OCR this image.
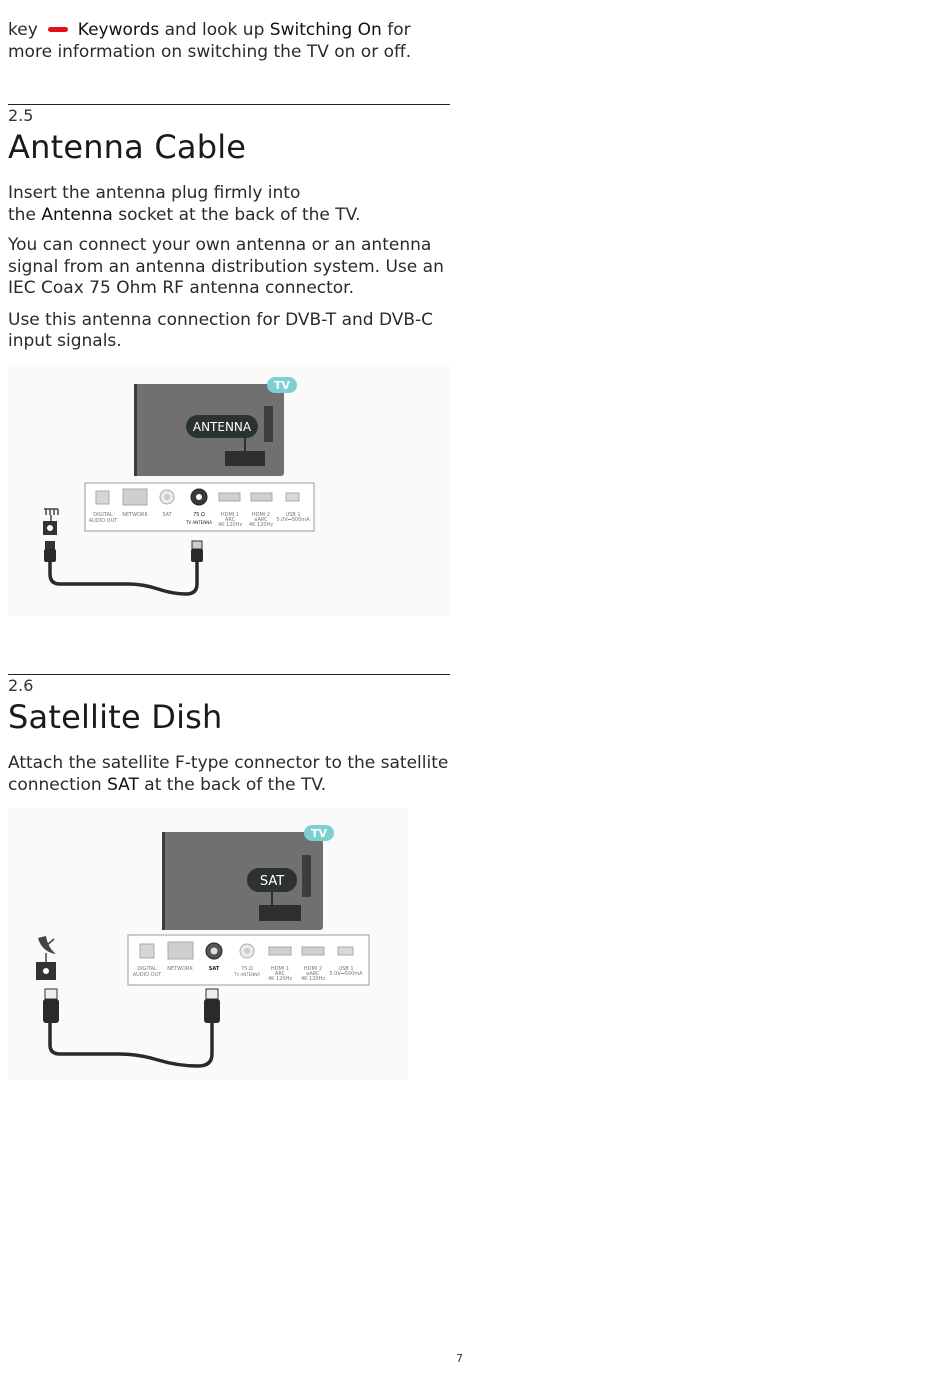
key Keywords and look up Switching On for more information on switching the TV on or off.

2.5
Antenna Cable

Insert the antenna plug firmly into
the Antenna socket at the back of the TV.

You can connect your own antenna or an antenna signal from an antenna distribution system. Use an IEC Coax 75 Ohm RF antenna connector.

Use this antenna connection for DVB-T and DVB-C input signals.

TV
ANTENNA
DIGITAL
AUDIO OUT
NETWORK	SAT	75 Ω
TV ANTENNA
HDMI 1
ARC
4K 120Hz
HDMI 2
eARC
4K 120Hz
USB 1
5.0V⎓500mA
2.6
Satellite Dish

Attach the satellite F-type connector to the satellite connection SAT at the back of the TV.

TV
SAT
DIGITAL
AUDIO OUT
NETWORK	SAT	75 Ω
TV ANTENNA
HDMI 1
ARC
4K 120Hz
HDMI 2
eARC
4K 120Hz
USB 1
5.0V⎓500mA
7
